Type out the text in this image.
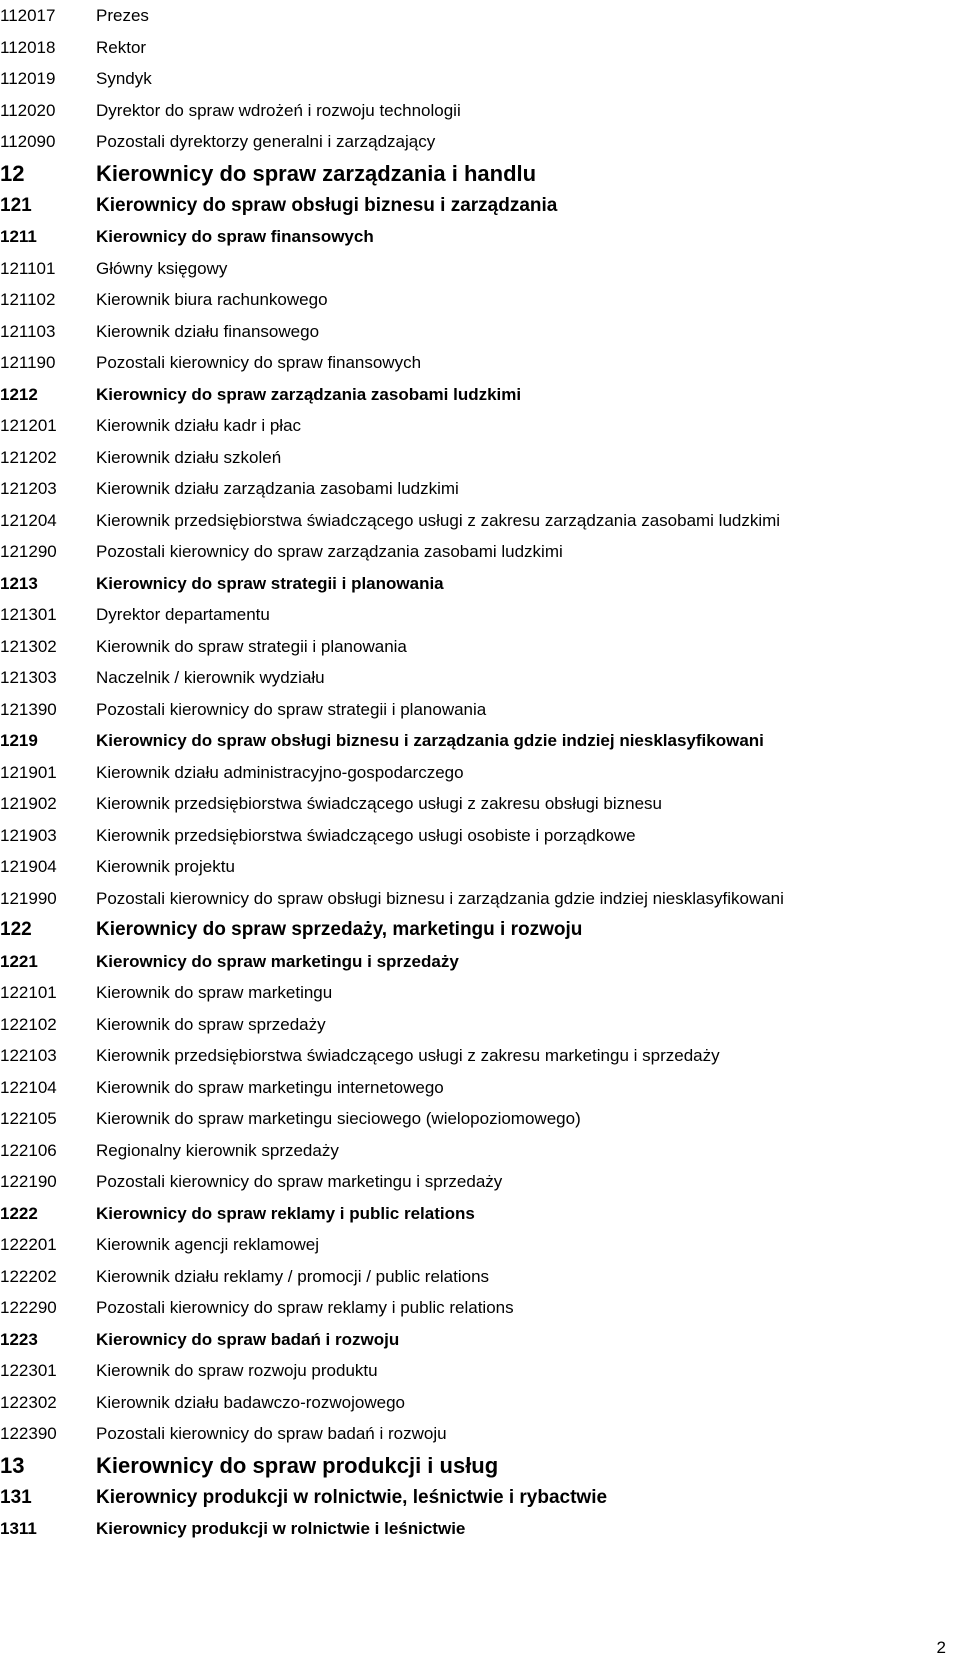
112017	Prezes
112018	Rektor
112019	Syndyk
112020	Dyrektor do spraw wdrożeń i rozwoju technologii
112090	Pozostali dyrektorzy generalni i zarządzający
12	Kierownicy do spraw zarządzania i handlu
121	Kierownicy do spraw obsługi biznesu i zarządzania
1211	Kierownicy do spraw finansowych
121101	Główny księgowy
121102	Kierownik biura rachunkowego
121103	Kierownik działu finansowego
121190	Pozostali kierownicy do spraw finansowych
1212	Kierownicy do spraw zarządzania zasobami ludzkimi
121201	Kierownik działu kadr i płac
121202	Kierownik działu szkoleń
121203	Kierownik działu zarządzania zasobami ludzkimi
121204	Kierownik przedsiębiorstwa świadczącego usługi z zakresu zarządzania zasobami ludzkimi
121290	Pozostali kierownicy do spraw zarządzania zasobami ludzkimi
1213	Kierownicy do spraw strategii i planowania
121301	Dyrektor departamentu
121302	Kierownik do spraw strategii i planowania
121303	Naczelnik / kierownik wydziału
121390	Pozostali kierownicy do spraw strategii i planowania
1219	Kierownicy do spraw obsługi biznesu i zarządzania gdzie indziej niesklasyfikowani
121901	Kierownik działu administracyjno-gospodarczego
121902	Kierownik przedsiębiorstwa świadczącego usługi z zakresu obsługi biznesu
121903	Kierownik przedsiębiorstwa świadczącego usługi osobiste i porządkowe
121904	Kierownik projektu
121990	Pozostali kierownicy do spraw obsługi biznesu i zarządzania gdzie indziej niesklasyfikowani
122	Kierownicy do spraw sprzedaży, marketingu i rozwoju
1221	Kierownicy do spraw marketingu i sprzedaży
122101	Kierownik do spraw marketingu
122102	Kierownik do spraw sprzedaży
122103	Kierownik przedsiębiorstwa świadczącego usługi z zakresu marketingu i sprzedaży
122104	Kierownik do spraw marketingu internetowego
122105	Kierownik do spraw marketingu sieciowego (wielopoziomowego)
122106	Regionalny kierownik sprzedaży
122190	Pozostali kierownicy do spraw marketingu i sprzedaży
1222	Kierownicy do spraw reklamy i public relations
122201	Kierownik agencji reklamowej
122202	Kierownik działu reklamy / promocji / public relations
122290	Pozostali kierownicy do spraw reklamy i public relations
1223	Kierownicy do spraw badań i rozwoju
122301	Kierownik do spraw rozwoju produktu
122302	Kierownik działu badawczo-rozwojowego
122390	Pozostali kierownicy do spraw badań i rozwoju
13	Kierownicy do spraw produkcji i usług
131	Kierownicy produkcji w rolnictwie, leśnictwie i rybactwie
1311	Kierownicy produkcji w rolnictwie i leśnictwie
2
